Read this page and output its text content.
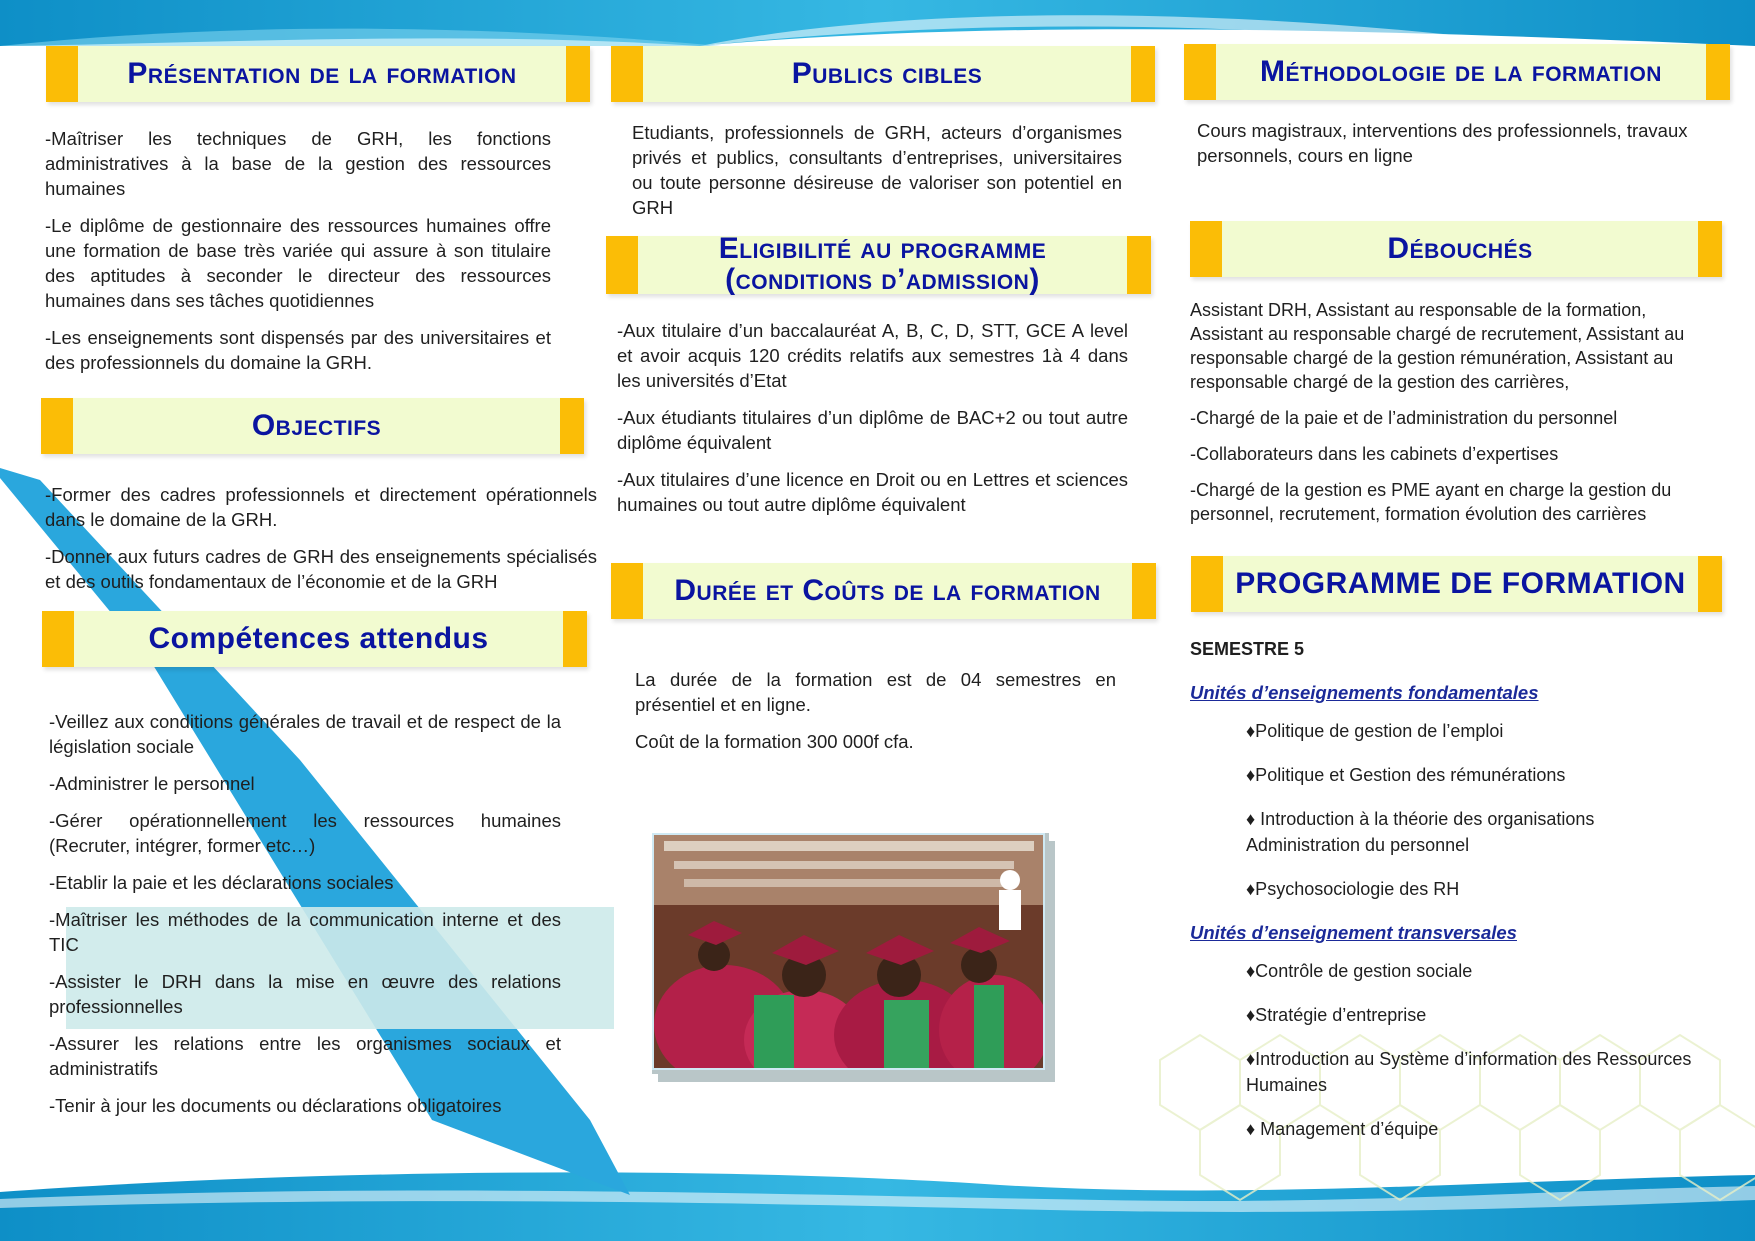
Présentation de la formation

-Maîtriser les techniques de GRH, les fonctions administratives à la base de la gestion des ressources humaines

-Le diplôme de gestionnaire des ressources humaines offre une formation de base très variée qui assure à son titulaire des aptitudes à seconder le directeur des ressources humaines dans ses tâches quotidiennes

-Les enseignements sont dispensés par des universitaires et des professionnels du domaine la GRH.

Objectifs

-Former des cadres professionnels et directement opérationnels dans le domaine de la GRH.

-Donner aux futurs cadres de GRH des enseignements spécialisés et des outils fondamentaux de l’économie et de la GRH

Compétences attendus

-Veillez aux conditions générales de travail et de respect de la législation sociale

-Administrer le personnel

-Gérer opérationnellement les ressources humaines (Recruter, intégrer, former etc…)

-Etablir la paie et les déclarations sociales

-Maîtriser les méthodes de la communication interne et des TIC

-Assister le DRH dans la mise en œuvre des relations professionnelles

-Assurer les relations entre les organismes sociaux et administratifs

-Tenir à jour les documents ou déclarations obligatoires

Publics cibles

Etudiants, professionnels de GRH, acteurs d’organismes privés et publics, consultants d’entreprises, universitaires ou toute personne désireuse de valoriser son potentiel en GRH

Eligibilité au programme
(conditions d’admission)

-Aux titulaire d’un baccalauréat A, B, C, D, STT, GCE A level et avoir acquis 120 crédits relatifs aux semestres 1à 4 dans les universités d’Etat

-Aux étudiants titulaires d’un diplôme de BAC+2 ou tout autre diplôme équivalent

-Aux titulaires d’une licence en Droit ou en Lettres et sciences humaines ou tout autre diplôme équivalent

Durée et Coûts de la formation

La durée de la formation est de 04 semestres en présentiel et en ligne.

Coût de la formation 300 000f cfa.

Méthodologie de la formation

Cours magistraux, interventions des professionnels, travaux personnels, cours en ligne

Débouchés

Assistant DRH, Assistant au responsable de la formation, Assistant au responsable chargé de recrutement, Assistant au responsable chargé de la gestion rémunération, Assistant au responsable chargé de la gestion des carrières,

-Chargé de la paie et de l’administration du personnel

-Collaborateurs dans les cabinets d’expertises

-Chargé de la gestion es PME ayant en charge la gestion du personnel, recrutement, formation évolution des carrières

PROGRAMME DE FORMATION
SEMESTRE 5
Unités d’enseignements fondamentales
♦Politique de gestion de l’emploi
♦Politique et Gestion des rémunérations
♦ Introduction à la théorie des organisations Administration du personnel
♦Psychosociologie des RH
Unités d’enseignement transversales
♦Contrôle de gestion sociale
♦Stratégie d’entreprise
♦Introduction au Système d’information des Ressources Humaines
♦ Management d’équipe
